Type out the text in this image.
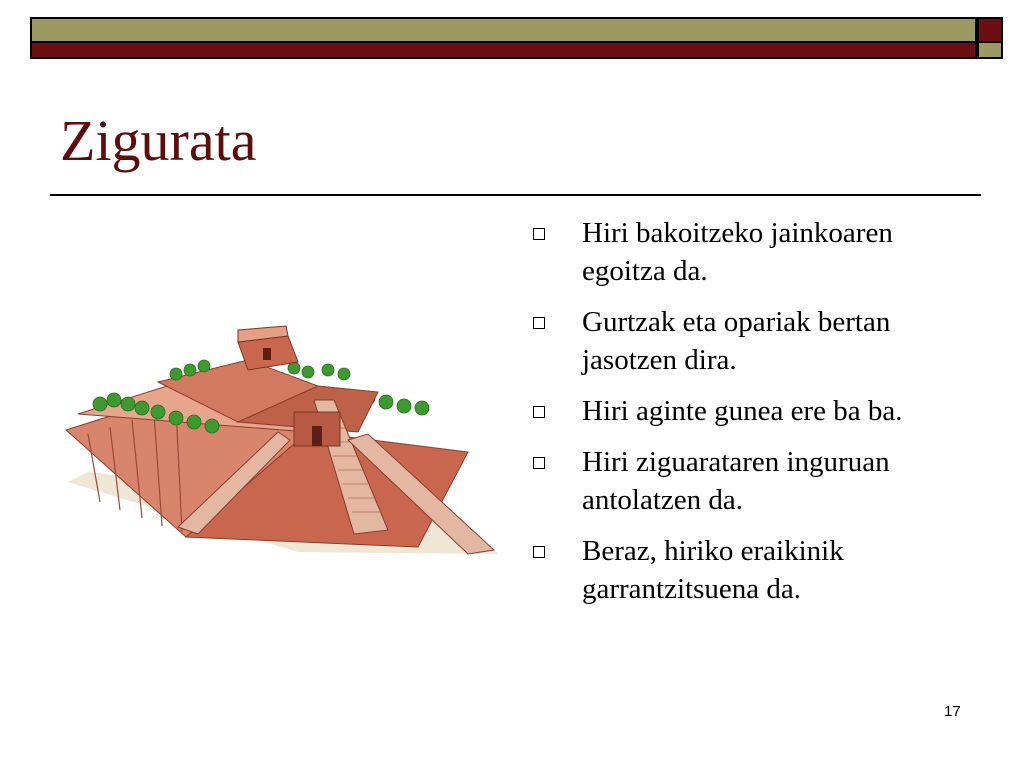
Zigurata
Hiri bakoitzeko jainkoaren egoitza da.
Gurtzak eta opariak bertan jasotzen dira.
Hiri aginte gunea ere ba ba.
Hiri ziguarataren inguruan antolatzen da.
Beraz, hiriko eraikinik garrantzitsuena da.
17
